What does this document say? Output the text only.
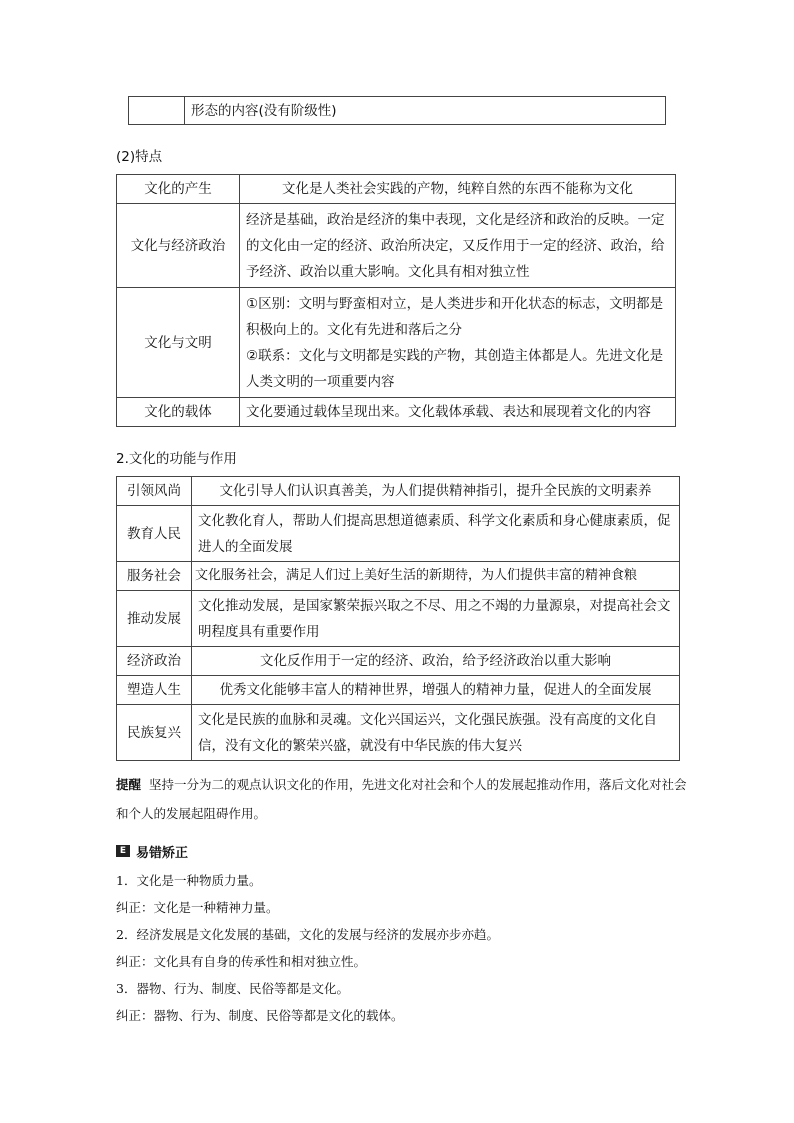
	形态的内容(没有阶级性)
(2)特点
文化的产生	文化是人类社会实践的产物，纯粹自然的东西不能称为文化
文化与经济政治	经济是基础，政治是经济的集中表现，文化是经济和政治的反映。一定的文化由一定的经济、政治所决定，又反作用于一定的经济、政治，给予经济、政治以重大影响。文化具有相对独立性
文化与文明	①区别：文明与野蛮相对立，是人类进步和开化状态的标志，文明都是积极向上的。文化有先进和落后之分
②联系：文化与文明都是实践的产物，其创造主体都是人。先进文化是人类文明的一项重要内容

文化的载体	文化要通过载体呈现出来。文化载体承载、表达和展现着文化的内容
2.文化的功能与作用
引领风尚	文化引导人们认识真善美，为人们提供精神指引，提升全民族的文明素养
教育人民	文化教化育人，帮助人们提高思想道德素质、科学文化素质和身心健康素质，促进人的全面发展
服务社会	文化服务社会，满足人们过上美好生活的新期待，为人们提供丰富的精神食粮
推动发展	文化推动发展，是国家繁荣振兴取之不尽、用之不竭的力量源泉，对提高社会文明程度具有重要作用
经济政治	文化反作用于一定的经济、政治，给予经济政治以重大影响
塑造人生	优秀文化能够丰富人的精神世界，增强人的精神力量，促进人的全面发展
民族复兴	文化是民族的血脉和灵魂。文化兴国运兴，文化强民族强。没有高度的文化自信，没有文化的繁荣兴盛，就没有中华民族的伟大复兴
提醒 坚持一分为二的观点认识文化的作用，先进文化对社会和个人的发展起推动作用，落后文化对社会和个人的发展起阻碍作用。
E 易错矫正
1．文化是一种物质力量。
纠正：文化是一种精神力量。
2．经济发展是文化发展的基础，文化的发展与经济的发展亦步亦趋。
纠正：文化具有自身的传承性和相对独立性。
3．器物、行为、制度、民俗等都是文化。
纠正：器物、行为、制度、民俗等都是文化的载体。
